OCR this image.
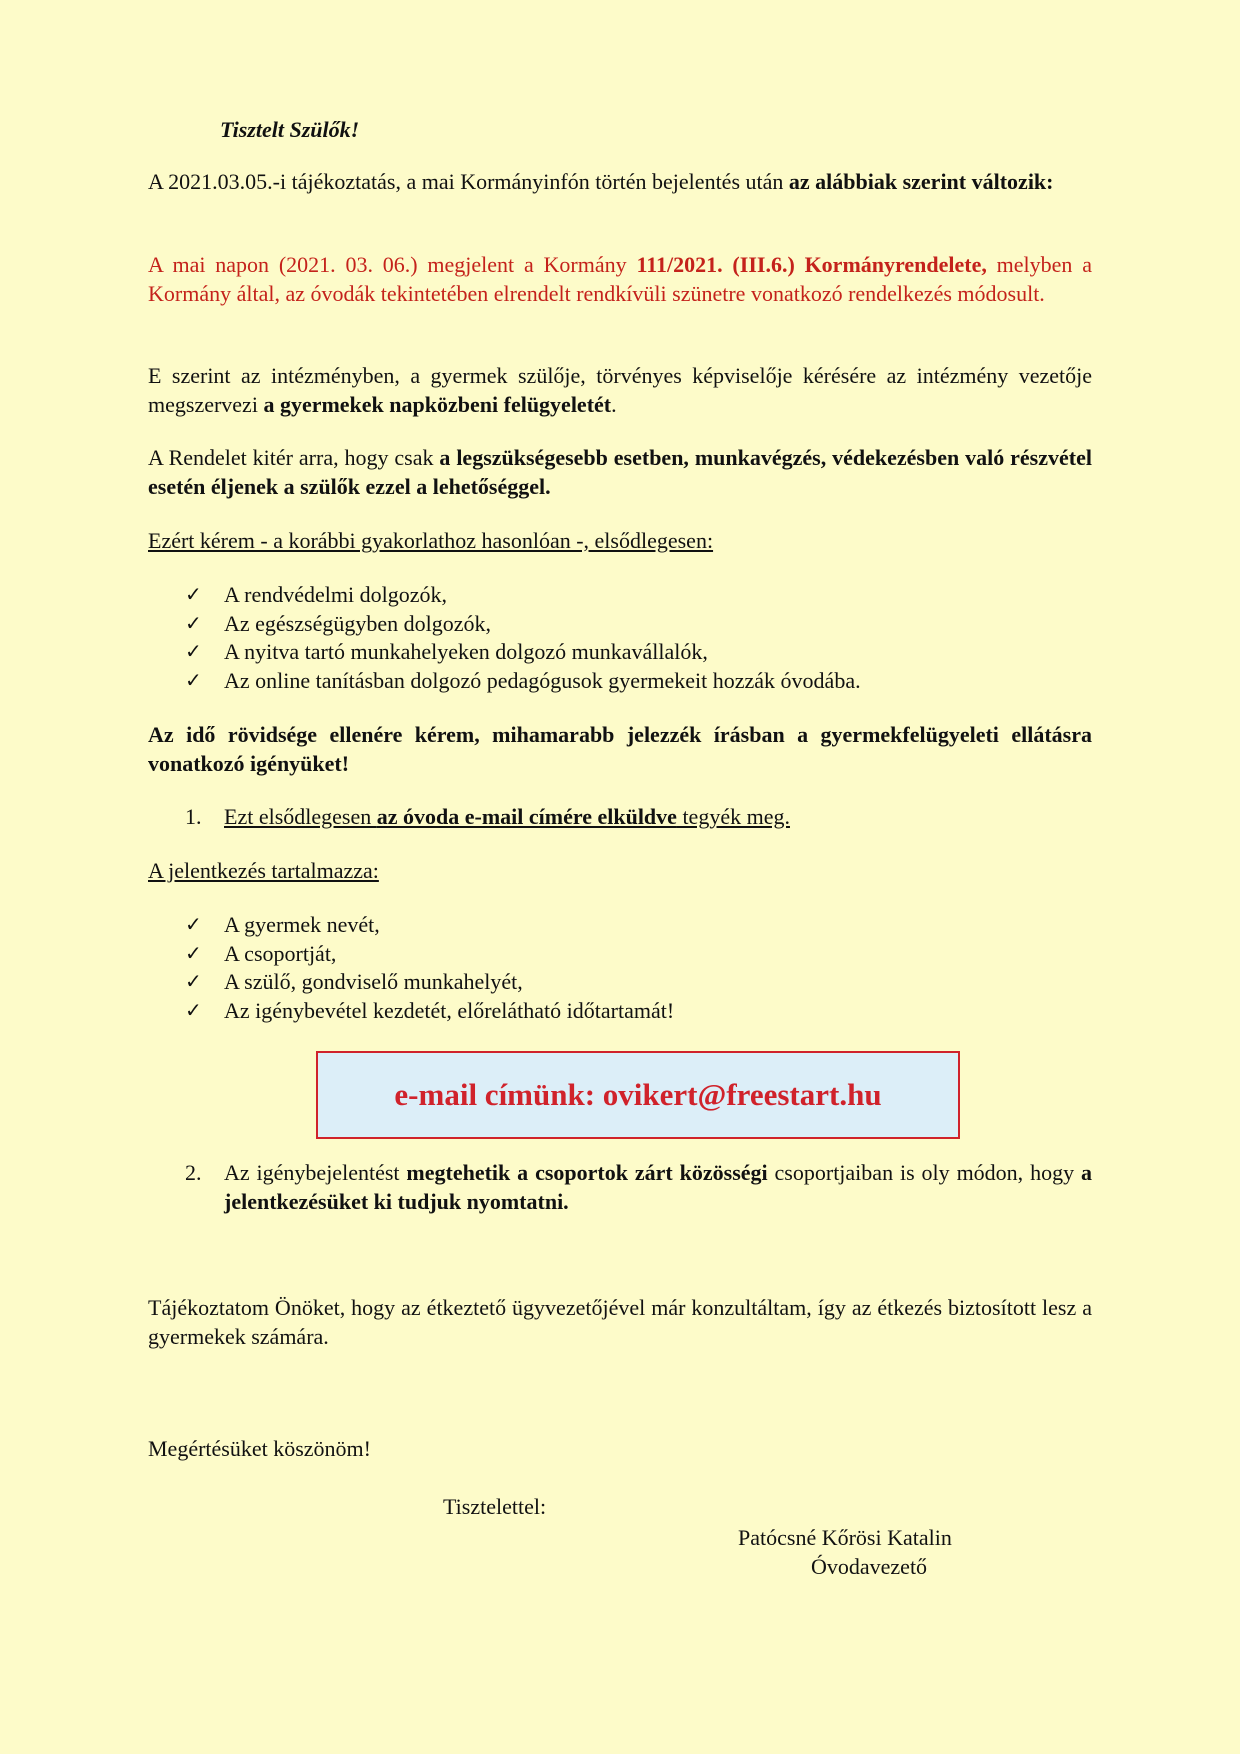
Tisztelt Szülők!

A 2021.03.05.-i tájékoztatás, a mai Kormányinfón történ bejelentés után az alábbiak szerint változik:

A mai napon (2021. 03. 06.) megjelent a Kormány 111/2021. (III.6.) Kormányrendelete, melyben a Kormány által, az óvodák tekintetében elrendelt rendkívüli szünetre vonatkozó rendelkezés módosult.

E szerint az intézményben, a gyermek szülője, törvényes képviselője kérésére az intézmény vezetője megszervezi a gyermekek napközbeni felügyeletét.

A Rendelet kitér arra, hogy csak a legszükségesebb esetben, munkavégzés, védekezésben való részvétel esetén éljenek a szülők ezzel a lehetőséggel.

Ezért kérem - a korábbi gyakorlathoz hasonlóan -, elsődlegesen:

✓ A rendvédelmi dolgozók,
✓ Az egészségügyben dolgozók,
✓ A nyitva tartó munkahelyeken dolgozó munkavállalók,
✓ Az online tanításban dolgozó pedagógusok gyermekeit hozzák óvodába.

Az idő rövidsége ellenére kérem, mihamarabb jelezzék írásban a gyermekfelügyeleti ellátásra vonatkozó igényüket!

1. Ezt elsődlegesen az óvoda e-mail címére elküldve tegyék meg.

A jelentkezés tartalmazza:

✓ A gyermek nevét,
✓ A csoportját,
✓ A szülő, gondviselő munkahelyét,
✓ Az igénybevétel kezdetét, előrelátható időtartamát!
e-mail címünk: ovikert@freestart.hu
2. Az igénybejelentést megtehetik a csoportok zárt közösségi csoportjaiban is oly módon, hogy a jelentkezésüket ki tudjuk nyomtatni.

Tájékoztatom Önöket, hogy az étkeztető ügyvezetőjével már konzultáltam, így az étkezés biztosított lesz a gyermekek számára.

Megértésüket köszönöm!

Tisztelettel:

Patócsné Kőrösi Katalin

Óvodavezető
